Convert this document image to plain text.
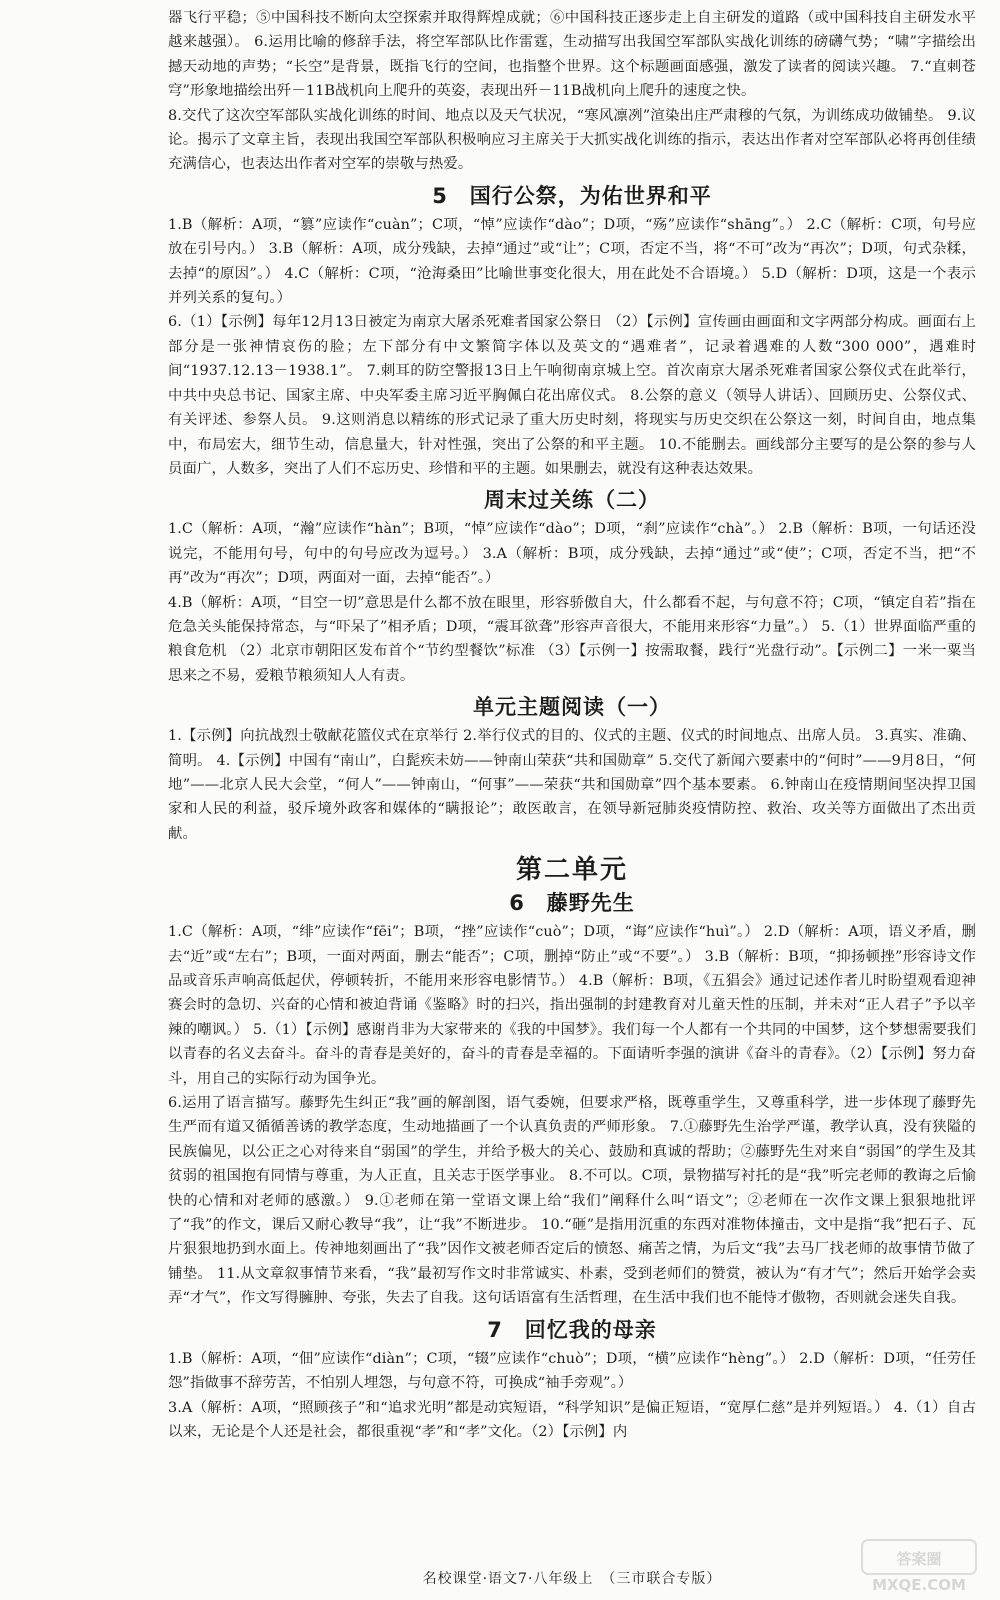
器飞行平稳；⑤中国科技不断向太空探索并取得辉煌成就；⑥中国科技正逐步走上自主研发的道路（或中国科技自主研发水平越来越强）。 6.运用比喻的修辞手法，将空军部队比作雷霆，生动描写出我国空军部队实战化训练的磅礴气势；“啸”字描绘出撼天动地的声势；“长空”是背景，既指飞行的空间，也指整个世界。这个标题画面感强，激发了读者的阅读兴趣。 7.“直刺苍穹”形象地描绘出歼－11B战机向上爬升的英姿，表现出歼－11B战机向上爬升的速度之快。

8.交代了这次空军部队实战化训练的时间、地点以及天气状况，“寒风凛冽”渲染出庄严肃穆的气氛，为训练成功做铺垫。 9.议论。揭示了文章主旨，表现出我国空军部队积极响应习主席关于大抓实战化训练的指示，表达出作者对空军部队必将再创佳绩充满信心，也表达出作者对空军的崇敬与热爱。

5　国行公祭，为佑世界和平

1.B（解析：A项，“篡”应读作“cuàn”；C项，“悼”应读作“dào”；D项，“殇”应读作“shāng”。） 2.C（解析：C项，句号应放在引号内。） 3.B（解析：A项，成分残缺，去掉“通过”或“让”；C项，否定不当，将“不可”改为“再次”；D项，句式杂糅，去掉“的原因”。） 4.C（解析：C项，“沧海桑田”比喻世事变化很大，用在此处不合语境。） 5.D（解析：D项，这是一个表示并列关系的复句。）

6.（1）【示例】每年12月13日被定为南京大屠杀死难者国家公祭日 （2）【示例】宣传画由画面和文字两部分构成。画面右上部分是一张神情哀伤的脸；左下部分有中文繁简字体以及英文的“遇难者”，记录着遇难的人数“300 000”，遇难时间“1937.12.13－1938.1”。 7.刺耳的防空警报13日上午响彻南京城上空。首次南京大屠杀死难者国家公祭仪式在此举行，中共中央总书记、国家主席、中央军委主席习近平胸佩白花出席仪式。 8.公祭的意义（领导人讲话）、回顾历史、公祭仪式、有关评述、参祭人员。 9.这则消息以精练的形式记录了重大历史时刻，将现实与历史交织在公祭这一刻，时间自由，地点集中，布局宏大，细节生动，信息量大，针对性强，突出了公祭的和平主题。 10.不能删去。画线部分主要写的是公祭的参与人员面广，人数多，突出了人们不忘历史、珍惜和平的主题。如果删去，就没有这种表达效果。

周末过关练（二）

1.C（解析：A项，“瀚”应读作“hàn”；B项，“悼”应读作“dào”；D项，“刹”应读作“chà”。） 2.B（解析：B项，一句话还没说完，不能用句号，句中的句号应改为逗号。） 3.A（解析：B项，成分残缺，去掉“通过”或“使”；C项，否定不当，把“不再”改为“再次”；D项，两面对一面，去掉“能否”。）

4.B（解析：A项，“目空一切”意思是什么都不放在眼里，形容骄傲自大，什么都看不起，与句意不符；C项，“镇定自若”指在危急关头能保持常态，与“吓呆了”相矛盾；D项，“震耳欲聋”形容声音很大，不能用来形容“力量”。） 5.（1）世界面临严重的粮食危机 （2）北京市朝阳区发布首个“节约型餐饮”标准 （3）【示例一】按需取餐，践行“光盘行动”。【示例二】一米一粟当思来之不易，爱粮节粮须知人人有责。

单元主题阅读（一）

1.【示例】向抗战烈士敬献花篮仪式在京举行 2.举行仪式的目的、仪式的主题、仪式的时间地点、出席人员。 3.真实、准确、简明。 4.【示例】中国有“南山”，白髭疾未妨——钟南山荣获“共和国勋章” 5.交代了新闻六要素中的“何时”——9月8日，“何地”——北京人民大会堂，“何人”——钟南山，“何事”——荣获“共和国勋章”四个基本要素。 6.钟南山在疫情期间坚决捍卫国家和人民的利益，驳斥境外政客和媒体的“瞒报论”；敢医敢言，在领导新冠肺炎疫情防控、救治、攻关等方面做出了杰出贡献。

第二单元
6　藤野先生

1.C（解析：A项，“绯”应读作“fēi”；B项，“挫”应读作“cuò”；D项，“诲”应读作“huì”。） 2.D（解析：A项，语义矛盾，删去“近”或“左右”；B项，一面对两面，删去“能否”；C项，删掉“防止”或“不要”。） 3.B（解析：B项，“抑扬顿挫”形容诗文作品或音乐声响高低起伏，停顿转折，不能用来形容电影情节。） 4.B（解析：B项，《五猖会》通过记述作者儿时盼望观看迎神赛会时的急切、兴奋的心情和被迫背诵《鉴略》时的扫兴，指出强制的封建教育对儿童天性的压制，并未对“正人君子”予以辛辣的嘲讽。） 5.（1）【示例】感谢肖非为大家带来的《我的中国梦》。我们每一个人都有一个共同的中国梦，这个梦想需要我们以青春的名义去奋斗。奋斗的青春是美好的，奋斗的青春是幸福的。下面请听李强的演讲《奋斗的青春》。（2）【示例】努力奋斗，用自己的实际行动为国争光。

6.运用了语言描写。藤野先生纠正“我”画的解剖图，语气委婉，但要求严格，既尊重学生，又尊重科学，进一步体现了藤野先生严而有道又循循善诱的教学态度，生动地描画了一个认真负责的严师形象。 7.①藤野先生治学严谨，教学认真，没有狭隘的民族偏见，以公正之心对待来自“弱国”的学生，并给予极大的关心、鼓励和真诚的帮助；②藤野先生对来自“弱国”的学生及其贫弱的祖国抱有同情与尊重，为人正直，且关志于医学事业。 8.不可以。C项，景物描写衬托的是“我”听完老师的教诲之后愉快的心情和对老师的感激。） 9.①老师在第一堂语文课上给“我们”阐释什么叫“语文”；②老师在一次作文课上狠狠地批评了“我”的作文，课后又耐心教导“我”，让“我”不断进步。 10.“砸”是指用沉重的东西对准物体撞击，文中是指“我”把石子、瓦片狠狠地扔到水面上。传神地刻画出了“我”因作文被老师否定后的愤怒、痛苦之情，为后文“我”去马厂找老师的故事情节做了铺垫。 11.从文章叙事情节来看，“我”最初写作文时非常诚实、朴素，受到老师们的赞赏，被认为“有才气”；然后开始学会卖弄“才气”，作文写得臃肿、夸张，失去了自我。这句话语富有生活哲理，在生活中我们也不能恃才傲物，否则就会迷失自我。

7　回忆我的母亲

1.B（解析：A项，“佃”应读作“diàn”；C项，“辍”应读作“chuò”；D项，“横”应读作“hèng”。） 2.D（解析：D项，“任劳任怨”指做事不辞劳苦，不怕别人埋怨，与句意不符，可换成“袖手旁观”。）

3.A（解析：A项，“照顾孩子”和“追求光明”都是动宾短语，“科学知识”是偏正短语，“宽厚仁慈”是并列短语。） 4.（1）自古以来，无论是个人还是社会，都很重视“孝”和“孝”文化。（2）【示例】内

名校课堂·语文7·八年级上　（三市联合专版）
答案圈
MXQE.COM
